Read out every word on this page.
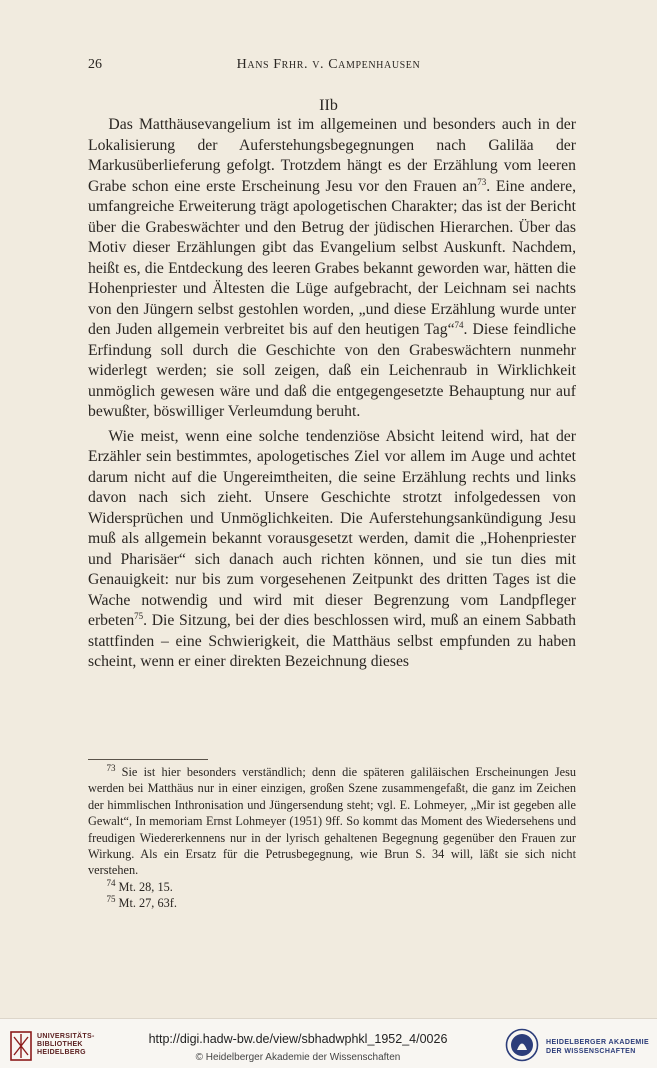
26	Hans Frhr. v. Campenhausen
IIb

Das Matthäusevangelium ist im allgemeinen und besonders auch in der Lokalisierung der Auferstehungsbegegnungen nach Galiläa der Markusüberlieferung gefolgt. Trotzdem hängt es der Erzählung vom leeren Grabe schon eine erste Erscheinung Jesu vor den Frauen $an^{73}$. Eine andere, umfangreiche Erweiterung trägt apologetischen Charakter; das ist der Bericht über die Grabeswächter und den Betrug der jüdischen Hierarchen. Über das Motiv dieser Erzählungen gibt das Evangelium selbst Auskunft. Nachdem, heißt es, die Entdeckung des leeren Grabes bekannt geworden war, hätten die Hohenpriester und Ältesten die Lüge aufgebracht, der Leichnam sei nachts von den Jüngern selbst gestohlen worden, „und diese Erzählung wurde unter den Juden allgemein verbreitet bis auf den heutigen Tag“$^{74}$. Diese feindliche Erfindung soll durch die Geschichte von den Grabeswächtern nunmehr widerlegt werden; sie soll zeigen, daß ein Leichenraub in Wirklichkeit unmöglich gewesen wäre und daß die entgegengesetzte Behauptung nur auf bewußter, böswilliger Verleumdung beruht.

Wie meist, wenn eine solche tendenziöse Absicht leitend wird, hat der Erzähler sein bestimmtes, apologetisches Ziel vor allem im Auge und achtet darum nicht auf die Ungereimtheiten, die seine Erzählung rechts und links davon nach sich zieht. Unsere Geschichte strotzt infolgedessen von Widersprüchen und Unmöglichkeiten. Die Auferstehungsankündigung Jesu muß als allgemein bekannt vorausgesetzt werden, damit die „Hohenpriester und Pharisäer“ sich danach auch richten können, und sie tun dies mit Genauigkeit: nur bis zum vorgesehenen Zeitpunkt des dritten Tages ist die Wache notwendig und wird mit dieser Begrenzung vom Landpfleger erbeten$^{75}$. Die Sitzung, bei der dies beschlossen wird, muß an einem Sabbath stattfinden – eine Schwierigkeit, die Matthäus selbst empfunden zu haben scheint, wenn er einer direkten Bezeichnung dieses

$^{73}$ Sie ist hier besonders verständlich; denn die späteren galiläischen Erscheinungen Jesu werden bei Matthäus nur in einer einzigen, großen Szene zusammengefaßt, die ganz im Zeichen der himmlischen Inthronisation und Jüngersendung steht; vgl. E. Lohmeyer, „Mir ist gegeben alle Gewalt“, In memoriam Ernst Lohmeyer (1951) 9ff. So kommt das Moment des Wiedersehens und freudigen Wiedererkennens nur in der lyrisch gehaltenen Begegnung gegenüber den Frauen zur Wirkung. Als ein Ersatz für die Petrusbegegnung, wie Brun S. 34 will, läßt sie sich nicht verstehen.

$^{74}$ Mt. 28, 15.

$^{75}$ Mt. 27, 63f.

UNIVERSITÄTS-
BIBLIOTHEK
HEIDELBERG
http://digi.hadw-bw.de/view/sbhadwphkl_1952_4/0026
© Heidelberger Akademie der Wissenschaften
HEIDELBERGER AKADEMIE
DER WISSENSCHAFTEN
